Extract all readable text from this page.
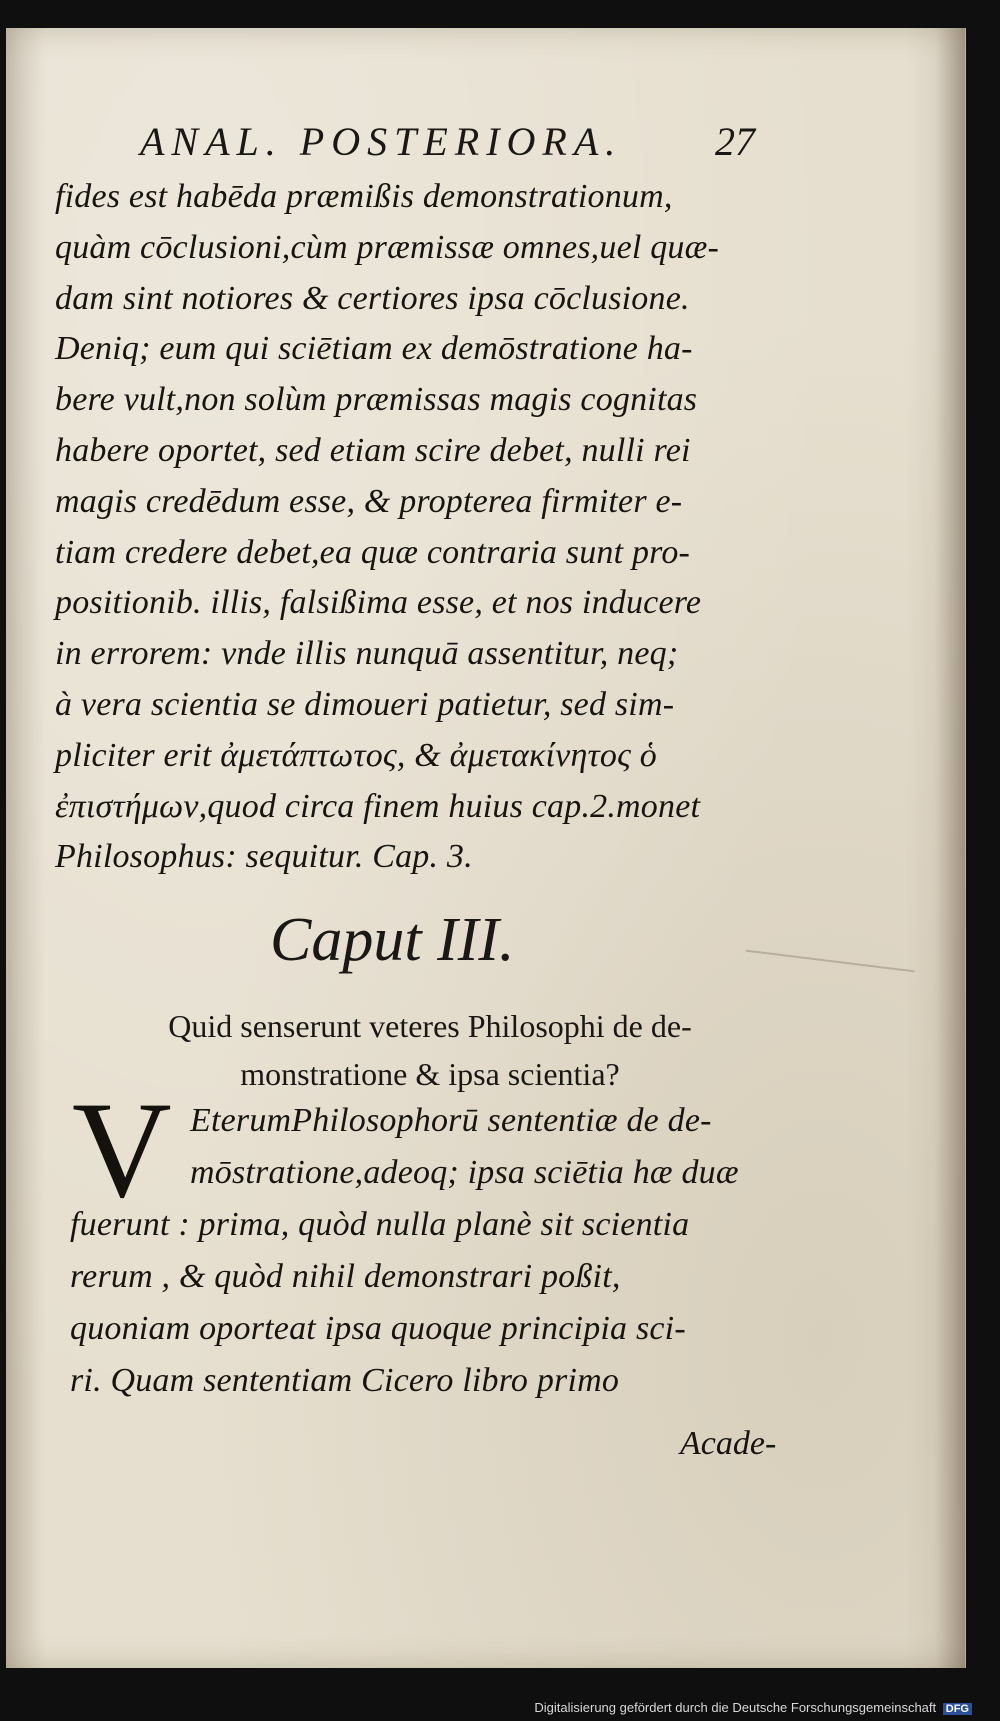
ANAL. POSTERIORA. 27
fides est habēda præmißis demonstrationum,
quàm cōclusioni,cùm præmissæ omnes,uel quæ-
dam sint notiores & certiores ipsa cōclusione.
Deniq; eum qui sciētiam ex demōstratione ha-
bere vult,non solùm præmissas magis cognitas
habere oportet, sed etiam scire debet, nulli rei
magis credēdum esse, & propterea firmiter e-
tiam credere debet,ea quæ contraria sunt pro-
positionib. illis, falsißima esse, et nos inducere
in errorem: vnde illis nunquā assentitur, neq;
à vera scientia se dimoueri patietur, sed sim-
pliciter erit ἀμετάπτωτος, & ἀμετακίνητος ὁ
ἐπιστήμων,quod circa finem huius cap.2.monet
Philosophus: sequitur. Cap. 3.
Caput III.
Quid senserunt veteres Philosophi de de-
monstratione & ipsa scientia?
V EterumPhilosophorū sententiæ de de-
mōstratione,adeoq; ipsa sciētia hæ duæ
fuerunt : prima, quòd nulla planè sit scientia
rerum , & quòd nihil demonstrari poßit,
quoniam oporteat ipsa quoque principia sci-
ri. Quam sententiam Cicero libro primo
Acade-
Digitalisierung gefördert durch die Deutsche Forschungsgemeinschaft DFG
